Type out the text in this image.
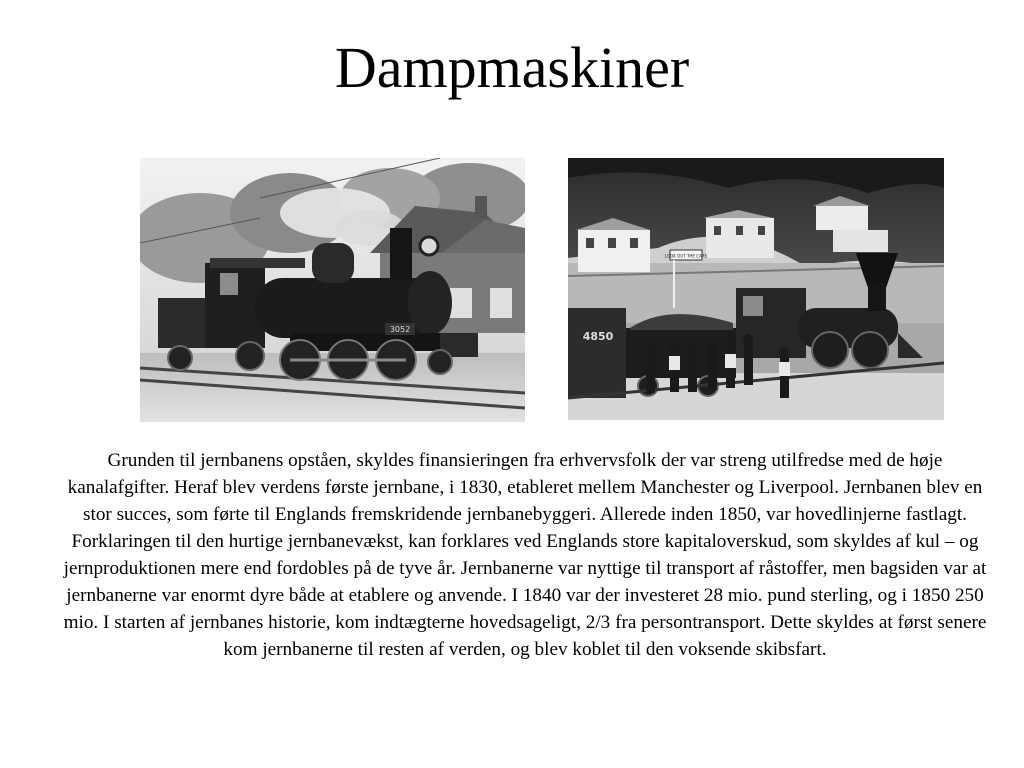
Dampmaskiner
3052
LOOK OUT THE CARS
4850

Grunden til jernbanens opståen, skyldes finansieringen fra erhvervsfolk der var streng utilfredse med de høje kanalafgifter. Heraf blev verdens første jernbane, i 1830, etableret mellem Manchester og Liverpool. Jernbanen blev en stor succes, som førte til Englands fremskridende jernbanebyggeri. Allerede inden 1850, var hovedlinjerne fastlagt. Forklaringen til den hurtige jernbanevækst, kan forklares ved Englands store kapitaloverskud, som skyldes af kul – og jernproduktionen mere end fordobles på de tyve år. Jernbanerne var nyttige til transport af råstoffer, men bagsiden var at jernbanerne var enormt dyre både at etablere og anvende. I 1840 var der investeret 28 mio. pund sterling, og i 1850 250 mio. I starten af jernbanes historie, kom indtægterne hovedsageligt, 2/3 fra persontransport. Dette skyldes at først senere kom jernbanerne til resten af verden, og blev koblet til den voksende skibsfart.
